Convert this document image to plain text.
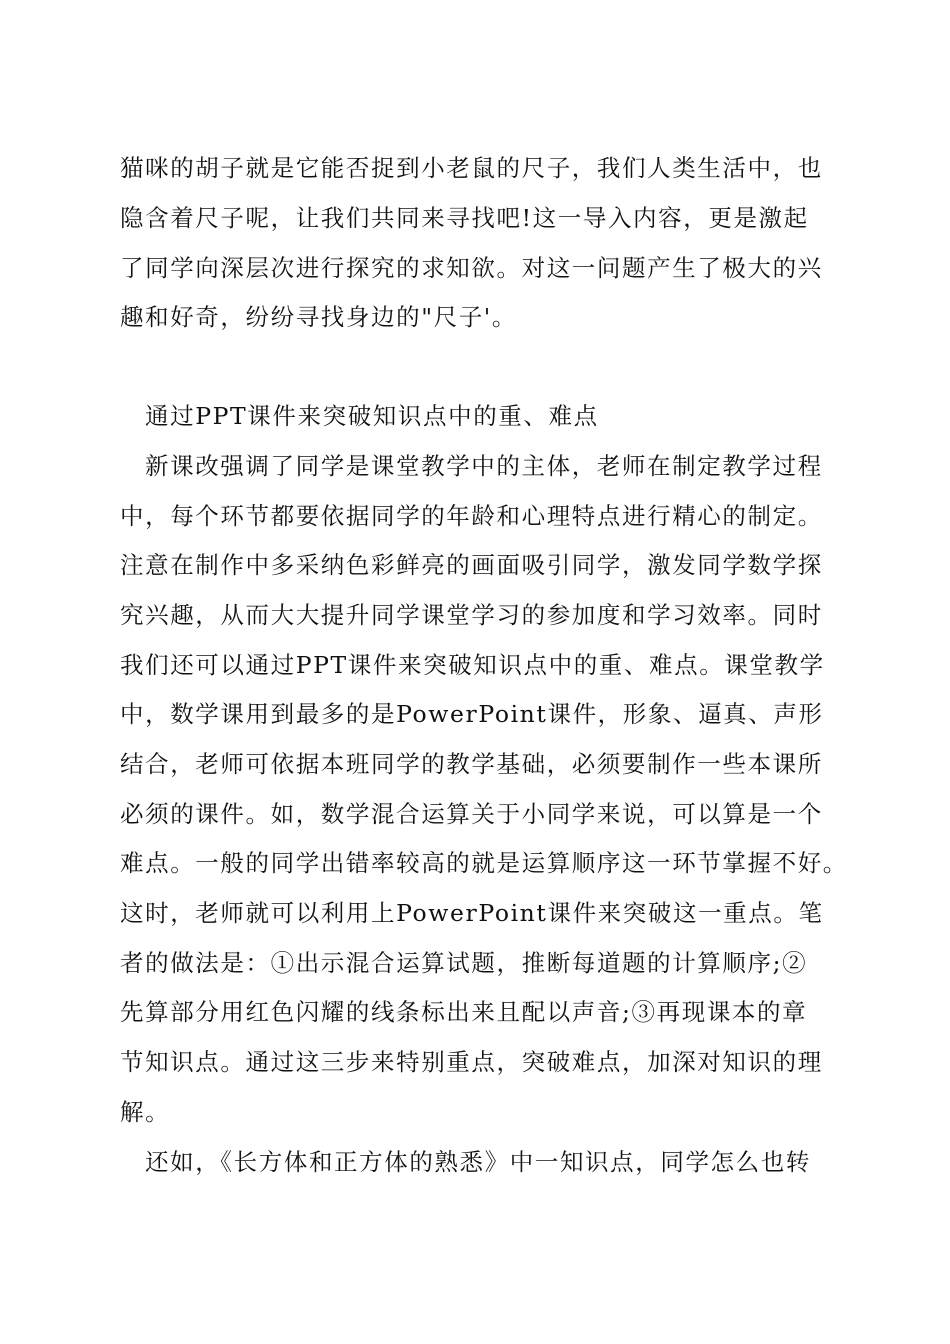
猫咪的胡子就是它能否捉到小老鼠的尺子，我们人类生活中，也
隐含着尺子呢，让我们共同来寻找吧!这一导入内容，更是激起
了同学向深层次进行探究的求知欲。对这一问题产生了极大的兴
趣和好奇，纷纷寻找身边的"尺子'。
通过PPT课件来突破知识点中的重、难点
新课改强调了同学是课堂教学中的主体，老师在制定教学过程
中，每个环节都要依据同学的年龄和心理特点进行精心的制定。
注意在制作中多采纳色彩鲜亮的画面吸引同学，激发同学数学探
究兴趣，从而大大提升同学课堂学习的参加度和学习效率。同时
我们还可以通过PPT课件来突破知识点中的重、难点。课堂教学
中，数学课用到最多的是PowerPoint课件，形象、逼真、声形
结合，老师可依据本班同学的教学基础，必须要制作一些本课所
必须的课件。如，数学混合运算关于小同学来说，可以算是一个
难点。一般的同学出错率较高的就是运算顺序这一环节掌握不好。
这时，老师就可以利用上PowerPoint课件来突破这一重点。笔
者的做法是：①出示混合运算试题，推断每道题的计算顺序;②
先算部分用红色闪耀的线条标出来且配以声音;③再现课本的章
节知识点。通过这三步来特别重点，突破难点，加深对知识的理
解。
还如，《长方体和正方体的熟悉》中一知识点，同学怎么也转
